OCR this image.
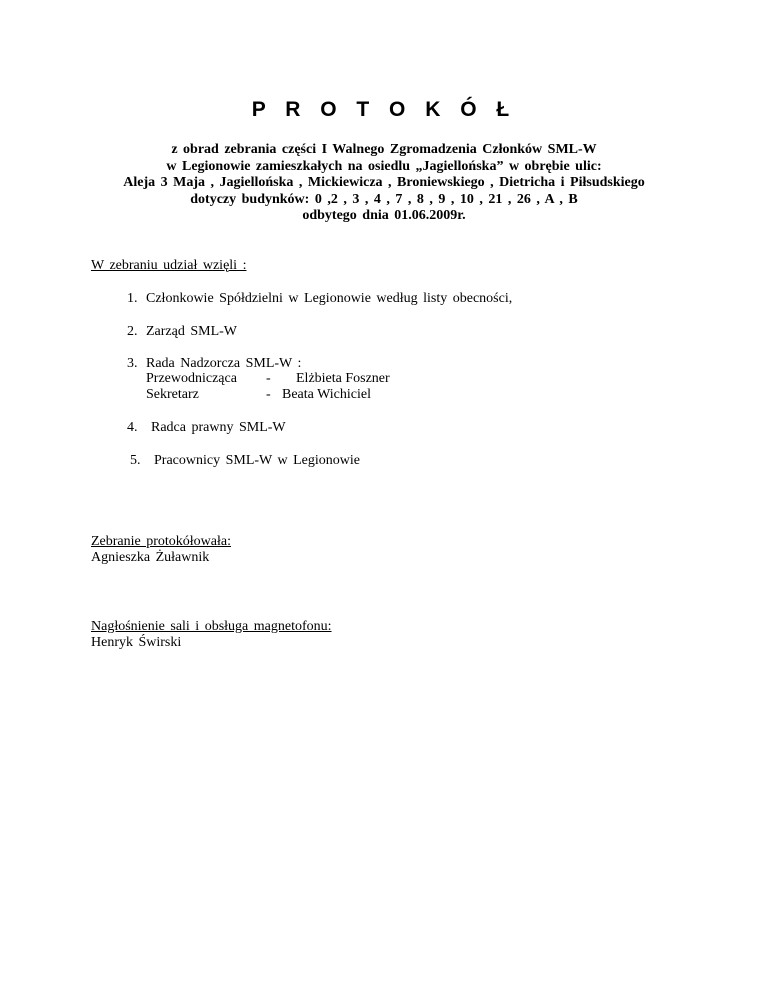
P R O T O K Ó Ł
z obrad zebrania części I Walnego Zgromadzenia Członków SML-W
w Legionowie zamieszkałych na osiedlu „Jagiellońska” w obrębie ulic:
Aleja 3 Maja , Jagiellońska , Mickiewicza , Broniewskiego , Dietricha i Piłsudskiego
dotyczy budynków: 0 ,2 , 3 , 4 , 7 , 8 , 9 , 10 , 21 , 26 , A , B
odbytego dnia 01.06.2009r.
W zebraniu udział wzięli :
1. Członkowie Spółdzielni w Legionowie według listy obecności,
2. Zarząd SML-W
3. Rada Nadzorcza SML-W :
Przewodnicząca - Elżbieta Foszner
Sekretarz	- Beata Wichiciel
4. Radca prawny SML-W
5. Pracownicy SML-W w Legionowie
Zebranie protokółowała:
Agnieszka Żuławnik
Nagłośnienie sali i obsługa magnetofonu:
Henryk Świrski
